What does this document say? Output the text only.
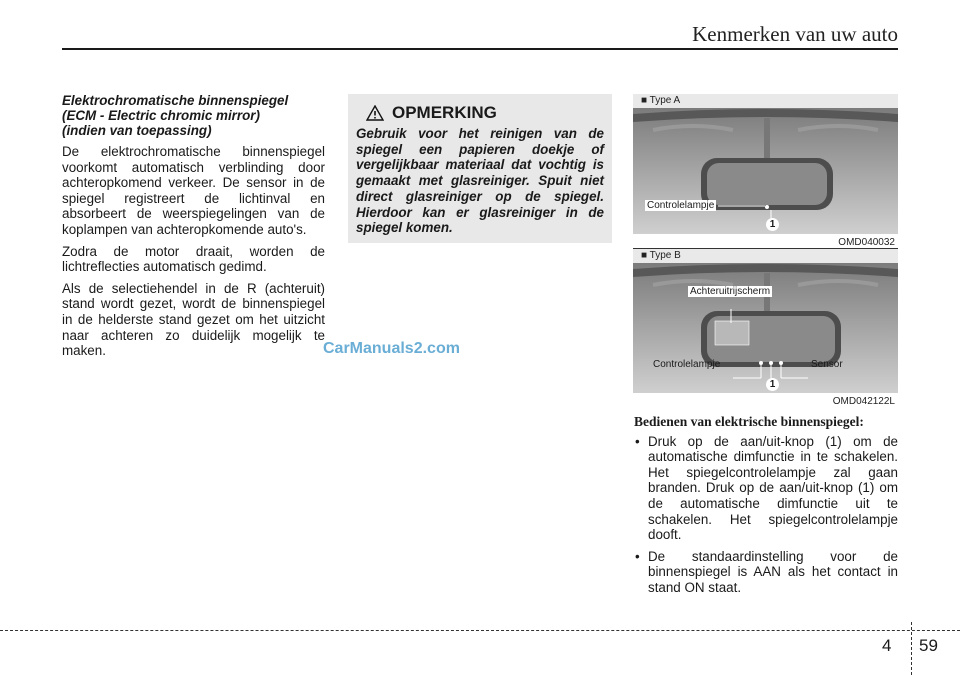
Kenmerken van uw auto
Elektrochromatische binnenspiegel
(ECM - Electric chromic mirror)
(indien van toepassing)

De elektrochromatische binnenspiegel voorkomt automatisch verblinding door achteropkomend verkeer. De sensor in de spiegel registreert de lichtinval en absorbeert de weerspiegelingen van de koplampen van achteropkomende auto's.

Zodra de motor draait, worden de lichtreflecties automatisch gedimd.

Als de selectiehendel in de R (achteruit) stand wordt gezet, wordt de binnenspiegel in de helderste stand gezet om het uitzicht naar achteren zo duidelijk mogelijk te maken.

OPMERKING
Gebruik voor het reinigen van de spiegel een papieren doekje of vergelijkbaar materiaal dat vochtig is gemaakt met glasreiniger. Spuit niet direct glasreiniger op de spiegel. Hierdoor kan er glasreiniger in de spiegel komen.
CarManuals2.com
■ Type A
Controlelampje
1
OMD040032
■ Type B
Achteruitrijscherm
Controlelampje	Sensor
1
OMD042122L
Bedienen van elektrische binnenspiegel:
• Druk op de aan/uit-knop (1) om de automatische dimfunctie in te schakelen. Het spiegelcontrolelampje zal gaan branden. Druk op de aan/uit-knop (1) om de automatische dimfunctie uit te schakelen. Het spiegelcontrolelampje dooft.
• De standaardinstelling voor de binnenspiegel is AAN als het contact in stand ON staat.
4 59
